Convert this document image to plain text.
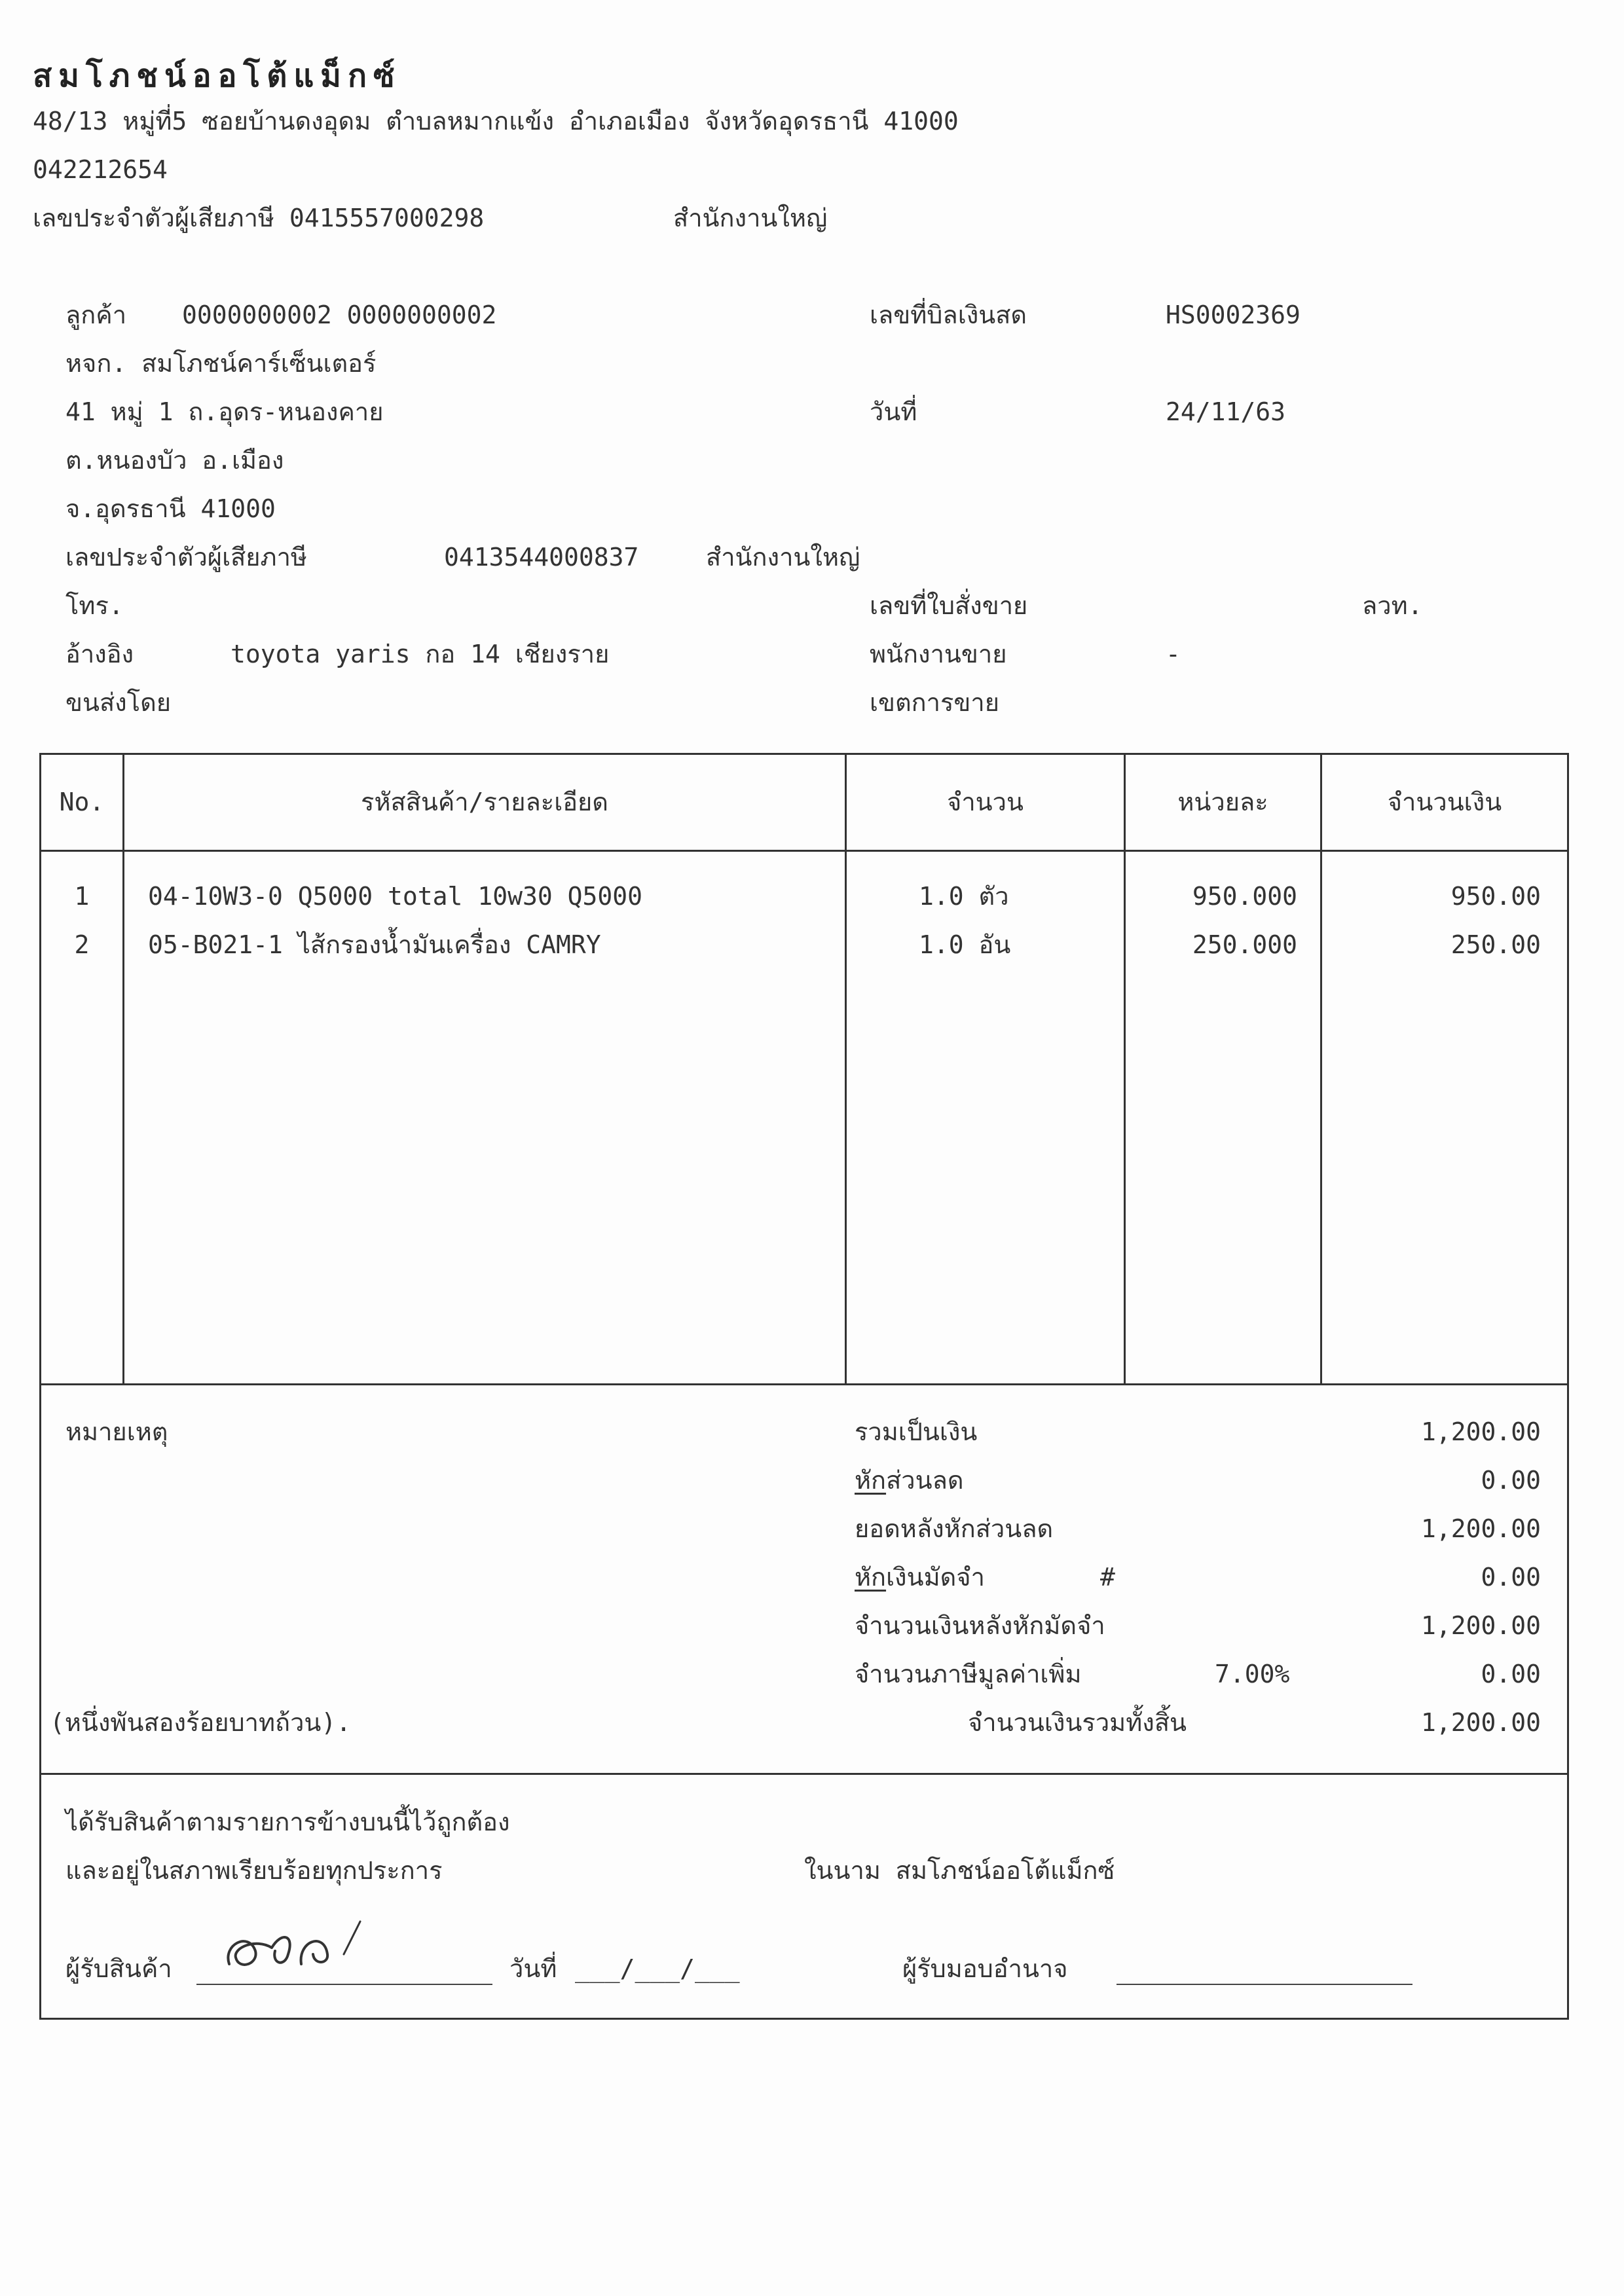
สมโภชน์ออโต้แม็กซ์
48/13 หมู่ที่5 ซอยบ้านดงอุดม ตำบลหมากแข้ง อำเภอเมือง จังหวัดอุดรธานี 41000
042212654
เลขประจำตัวผู้เสียภาษี 0415557000298	สำนักงานใหญ่
ลูกค้า 0000000002 0000000002
หจก. สมโภชน์คาร์เซ็นเตอร์
41 หมู่ 1 ถ.อุดร-หนองคาย
ต.หนองบัว อ.เมือง
จ.อุดรธานี 41000
เลขประจำตัวผู้เสียภาษี	0413544000837	สำนักงานใหญ่
โทร.
อ้างอิง	toyota yaris กอ 14 เชียงราย
ขนส่งโดย
เลขที่บิลเงินสด	HS0002369
วันที่	24/11/63
เลขที่ใบสั่งขาย	ลวท.
พนักงานขาย	-
เขตการขาย
No.	รหัสสินค้า/รายละเอียด	จำนวน	หน่วยละ	จำนวนเงิน
1	04-10W3-0 Q5000 total 10w30 Q5000	1.0 ตัว	950.000	950.00
2	05-B021-1 ไส้กรองน้ำมันเครื่อง CAMRY	1.0 อัน	250.000	250.00
หมายเหตุ
(หนึ่งพันสองร้อยบาทถ้วน).
รวมเป็นเงิน	1,200.00
หักส่วนลด	0.00
ยอดหลังหักส่วนลด	1,200.00
หักเงินมัดจำ	#	0.00
จำนวนเงินหลังหักมัดจำ	1,200.00
จำนวนภาษีมูลค่าเพิ่ม	7.00%	0.00
จำนวนเงินรวมทั้งสิ้น	1,200.00
ได้รับสินค้าตามรายการข้างบนนี้ไว้ถูกต้อง
และอยู่ในสภาพเรียบร้อยทุกประการ	ในนาม สมโภชน์ออโต้แม็กซ์
ผู้รับสินค้า	วันที่ ___/___/___	ผู้รับมอบอำนาจ
